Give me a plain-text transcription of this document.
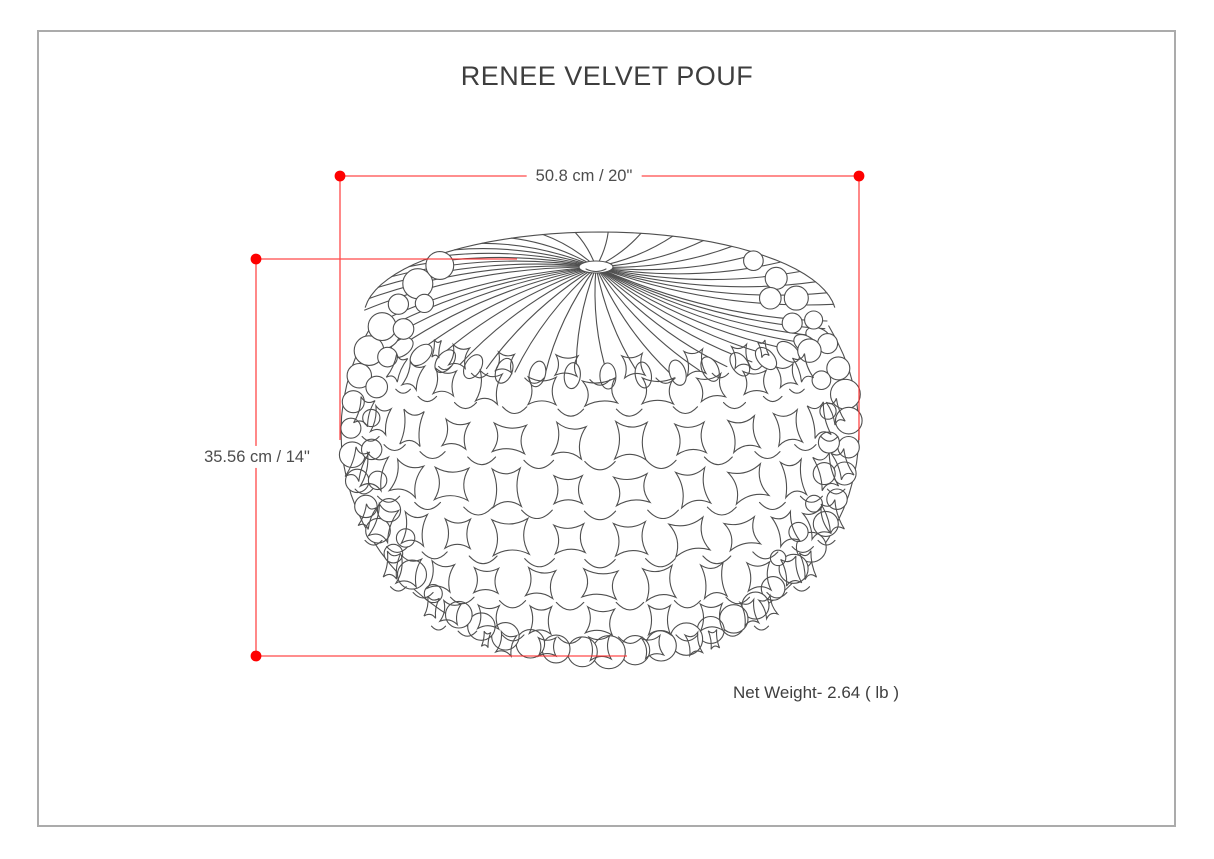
RENEE VELVET POUF
50.8 cm / 20"
35.56 cm / 14"
Net Weight- 2.64 ( lb )
